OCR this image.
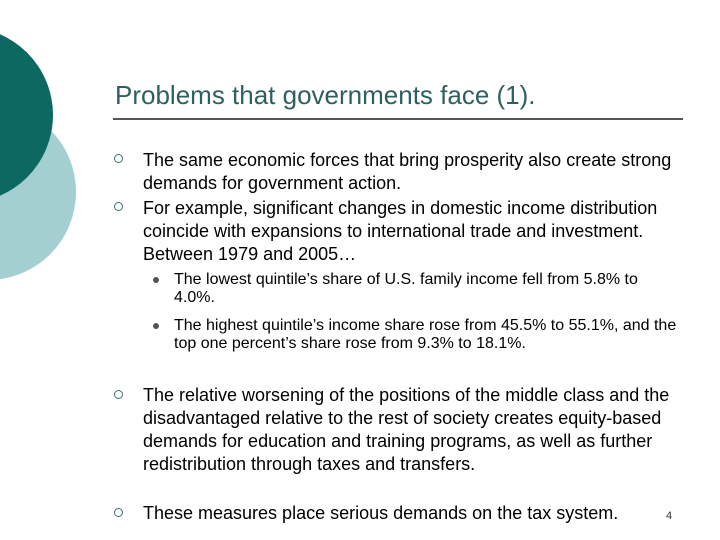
Problems that governments face (1).
The same economic forces that bring prosperity also create strong demands for government action.
For example, significant changes in domestic income distribution coincide with expansions to international trade and investment. Between 1979 and 2005…
The lowest quintile’s share of U.S. family income fell from 5.8% to 4.0%.
The highest quintile’s income share rose from 45.5% to 55.1%, and the top one percent’s share rose from 9.3% to 18.1%.
The relative worsening of the positions of the middle class and the disadvantaged relative to the rest of society creates equity-based demands for education and training programs, as well as further redistribution through taxes and transfers.
These measures place serious demands on the tax system.	4
